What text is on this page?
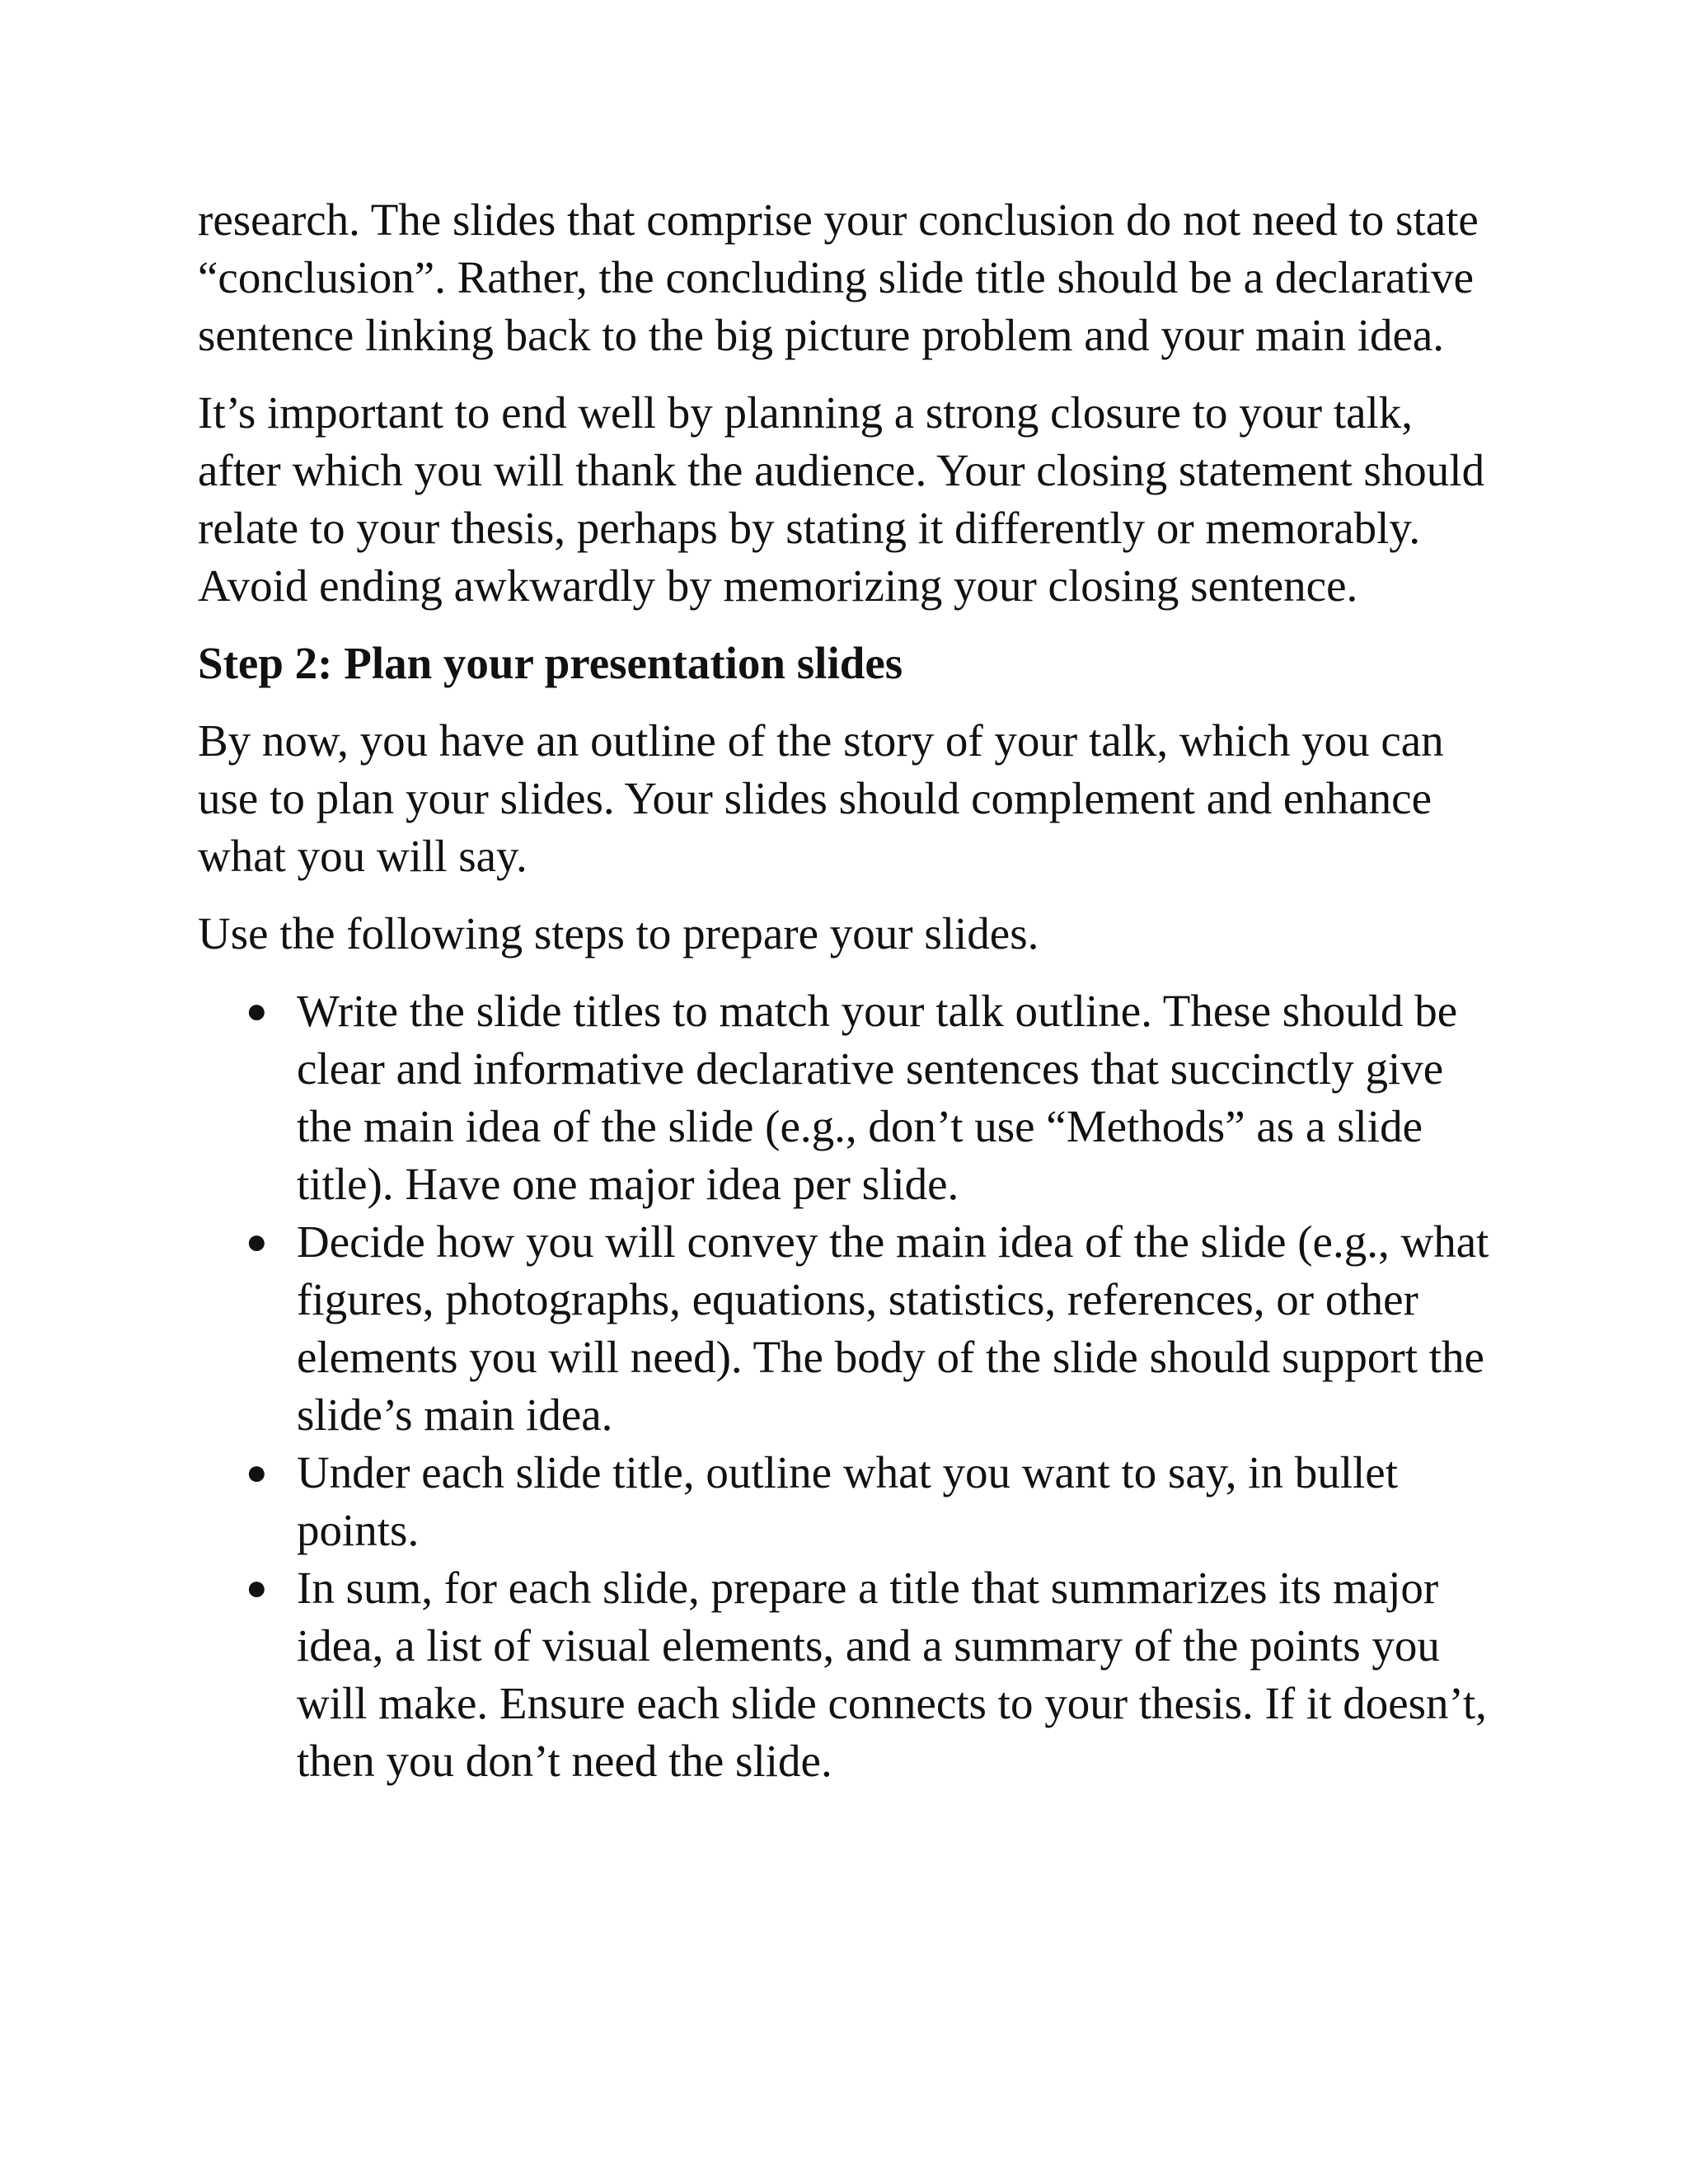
research. The slides that comprise your conclusion do not need to state “conclusion”. Rather, the concluding slide title should be a declarative sentence linking back to the big picture problem and your main idea.

It’s important to end well by planning a strong closure to your talk, after which you will thank the audience. Your closing statement should relate to your thesis, perhaps by stating it differently or memorably. Avoid ending awkwardly by memorizing your closing sentence.

Step 2: Plan your presentation slides

By now, you have an outline of the story of your talk, which you can use to plan your slides. Your slides should complement and enhance what you will say.

Use the following steps to prepare your slides.

● Write the slide titles to match your talk outline. These should be clear and informative declarative sentences that succinctly give the main idea of the slide (e.g., don’t use “Methods” as a slide title). Have one major idea per slide.
● Decide how you will convey the main idea of the slide (e.g., what figures, photographs, equations, statistics, references, or other elements you will need). The body of the slide should support the slide’s main idea.
● Under each slide title, outline what you want to say, in bullet points.
● In sum, for each slide, prepare a title that summarizes its major idea, a list of visual elements, and a summary of the points you will make. Ensure each slide connects to your thesis. If it doesn’t, then you don’t need the slide.
